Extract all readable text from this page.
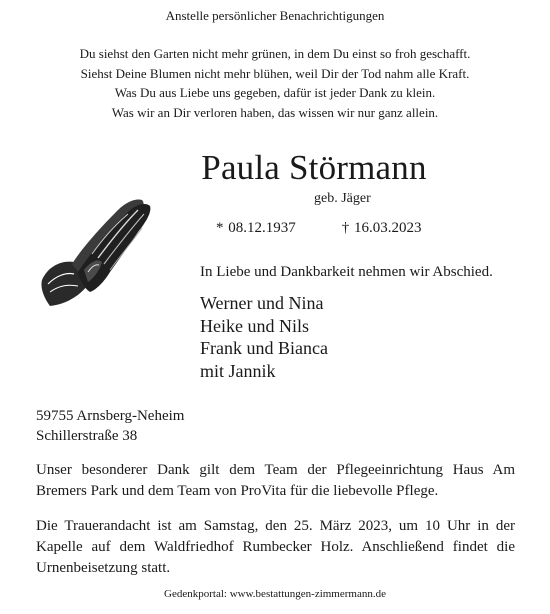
Anstelle persönlicher Benachrichtigungen
Du siehst den Garten nicht mehr grünen, in dem Du einst so froh geschafft.
Siehst Deine Blumen nicht mehr blühen, weil Dir der Tod nahm alle Kraft.
Was Du aus Liebe uns gegeben, dafür ist jeder Dank zu klein.
Was wir an Dir verloren haben, das wissen wir nur ganz allein.
Paula Störmann
geb. Jäger
* 08.12.1937	† 16.03.2023
In Liebe und Dankbarkeit nehmen wir Abschied.
Werner und Nina
Heike und Nils
Frank und Bianca
mit Jannik
59755 Arnsberg-Neheim
Schillerstraße 38
Unser besonderer Dank gilt dem Team der Pflegeeinrichtung Haus Am Bremers Park und dem Team von ProVita für die liebevolle Pflege.
Die Trauerandacht ist am Samstag, den 25. März 2023, um 10 Uhr in der Kapelle auf dem Waldfriedhof Rumbecker Holz. Anschließend findet die Urnenbeisetzung statt.
Gedenkportal: www.bestattungen-zimmermann.de
